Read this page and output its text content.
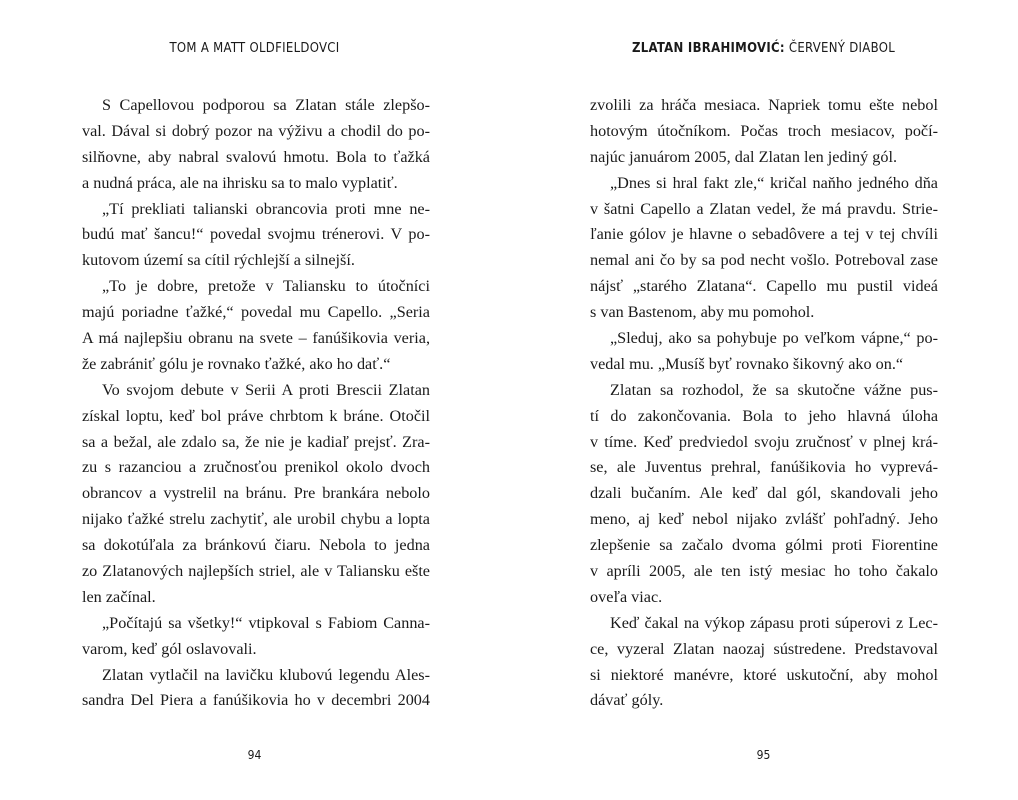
TOM A MATT OLDFIELDOVCI
S Capellovou podporou sa Zlatan stále zlepšo-
val. Dával si dobrý pozor na výživu a chodil do po-
silňovne, aby nabral svalovú hmotu. Bola to ťažká
a nudná práca, ale na ihrisku sa to malo vyplatiť.
„Tí prekliati talianski obrancovia proti mne ne-
budú mať šancu!“ povedal svojmu trénerovi. V po-
kutovom území sa cítil rýchlejší a silnejší.
„To je dobre, pretože v Taliansku to útočníci
majú poriadne ťažké,“ povedal mu Capello. „Seria
A má najlepšiu obranu na svete – fanúšikovia veria,
že zabrániť gólu je rovnako ťažké, ako ho dať.“
Vo svojom debute v Serii A proti Brescii Zlatan
získal loptu, keď bol práve chrbtom k bráne. Otočil
sa a bežal, ale zdalo sa, že nie je kadiaľ prejsť. Zra-
zu s razanciou a zručnosťou prenikol okolo dvoch
obrancov a vystrelil na bránu. Pre brankára nebolo
nijako ťažké strelu zachytiť, ale urobil chybu a lopta
sa dokotúľala za bránkovú čiaru. Nebola to jedna
zo Zlatanových najlepších striel, ale v Taliansku ešte
len začínal.
„Počítajú sa všetky!“ vtipkoval s Fabiom Canna-
varom, keď gól oslavovali.
Zlatan vytlačil na lavičku klubovú legendu Ales-
sandra Del Piera a fanúšikovia ho v decembri 2004
94
ZLATAN IBRAHIMOVIĆ: ČERVENÝ DIABOL
zvolili za hráča mesiaca. Napriek tomu ešte nebol
hotovým útočníkom. Počas troch mesiacov, počí-
najúc januárom 2005, dal Zlatan len jediný gól.
„Dnes si hral fakt zle,“ kričal naňho jedného dňa
v šatni Capello a Zlatan vedel, že má pravdu. Strie-
ľanie gólov je hlavne o sebadôvere a tej v tej chvíli
nemal ani čo by sa pod necht vošlo. Potreboval zase
nájsť „starého Zlatana“. Capello mu pustil videá
s van Bastenom, aby mu pomohol.
„Sleduj, ako sa pohybuje po veľkom vápne,“ po-
vedal mu. „Musíš byť rovnako šikovný ako on.“
Zlatan sa rozhodol, že sa skutočne vážne pus-
tí do zakončovania. Bola to jeho hlavná úloha
v tíme. Keď predviedol svoju zručnosť v plnej krá-
se, ale Juventus prehral, fanúšikovia ho vyprevá-
dzali bučaním. Ale keď dal gól, skandovali jeho
meno, aj keď nebol nijako zvlášť pohľadný. Jeho
zlepšenie sa začalo dvoma gólmi proti Fiorentine
v apríli 2005, ale ten istý mesiac ho toho čakalo
oveľa viac.
Keď čakal na výkop zápasu proti súperovi z Lec-
ce, vyzeral Zlatan naozaj sústredene. Predstavoval
si niektoré manévre, ktoré uskutoční, aby mohol
dávať góly.
95
